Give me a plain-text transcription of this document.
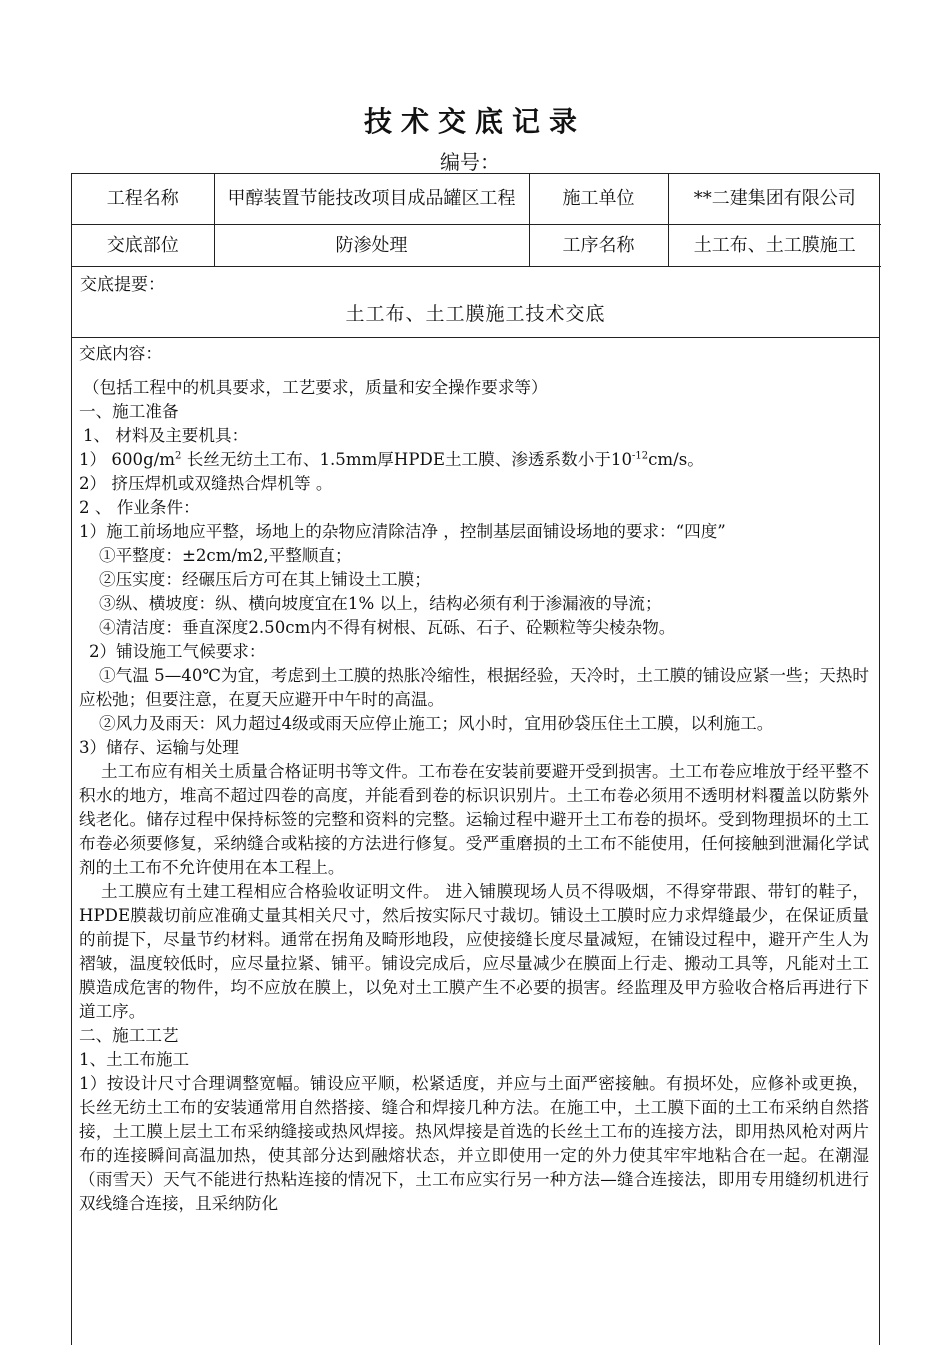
技术交底记录
编号：
工程名称	甲醇装置节能技改项目成品罐区工程	施工单位	**二建集团有限公司
交底部位	防渗处理	工序名称	土工布、土工膜施工
交底提要：
土工布、土工膜施工技术交底

交底内容：

（包括工程中的机具要求，工艺要求，质量和安全操作要求等）

一、施工准备

1、 材料及主要机具：

1） $600g/m^2$ 长丝无纺土工布、1.5mm厚HPDE土工膜、渗透系数小于$10^{-12}cm/s$。

2） 挤压焊机或双缝热合焊机等 。

2 、 作业条件：

1）施工前场地应平整，场地上的杂物应清除洁净 ，控制基层面铺设场地的要求：“四度”

①平整度：±2cm/m2,平整顺直；

②压实度：经碾压后方可在其上铺设土工膜；

③纵、横坡度：纵、横向坡度宜在1% 以上，结构必须有利于渗漏液的导流；

④清洁度：垂直深度2.50cm内不得有树根、瓦砾、石子、砼颗粒等尖棱杂物。

2）铺设施工气候要求：

①气温 5—40℃为宜，考虑到土工膜的热胀冷缩性，根据经验，天冷时，土工膜的铺设应紧一些；天热时应松弛；但要注意，在夏天应避开中午时的高温。

②风力及雨天：风力超过4级或雨天应停止施工；风小时，宜用砂袋压住土工膜，以利施工。

3）储存、运输与处理

土工布应有相关土质量合格证明书等文件。工布卷在安装前要避开受到损害。土工布卷应堆放于经平整不积水的地方，堆高不超过四卷的高度，并能看到卷的标识识别片。土工布卷必须用不透明材料覆盖以防紫外线老化。储存过程中保持标签的完整和资料的完整。运输过程中避开土工布卷的损坏。受到物理损坏的土工布卷必须要修复，采纳缝合或粘接的方法进行修复。受严重磨损的土工布不能使用，任何接触到泄漏化学试剂的土工布不允许使用在本工程上。

土工膜应有土建工程相应合格验收证明文件。 进入铺膜现场人员不得吸烟，不得穿带跟、带钉的鞋子，HPDE膜裁切前应准确丈量其相关尺寸，然后按实际尺寸裁切。铺设土工膜时应力求焊缝最少，在保证质量的前提下，尽量节约材料。通常在拐角及畸形地段，应使接缝长度尽量减短，在铺设过程中，避开产生人为褶皱，温度较低时，应尽量拉紧、铺平。铺设完成后，应尽量减少在膜面上行走、搬动工具等，凡能对土工膜造成危害的物件，均不应放在膜上，以免对土工膜产生不必要的损害。经监理及甲方验收合格后再进行下道工序。

二、施工工艺

1、土工布施工

1）按设计尺寸合理调整宽幅。铺设应平顺，松紧适度，并应与土面严密接触。有损坏处，应修补或更换，长丝无纺土工布的安装通常用自然搭接、缝合和焊接几种方法。在施工中，土工膜下面的土工布采纳自然搭接，土工膜上层土工布采纳缝接或热风焊接。热风焊接是首选的长丝土工布的连接方法，即用热风枪对两片布的连接瞬间高温加热，使其部分达到融熔状态，并立即使用一定的外力使其牢牢地粘合在一起。在潮湿（雨雪天）天气不能进行热粘连接的情况下，土工布应实行另一种方法—缝合连接法，即用专用缝纫机进行双线缝合连接，且采纳防化
